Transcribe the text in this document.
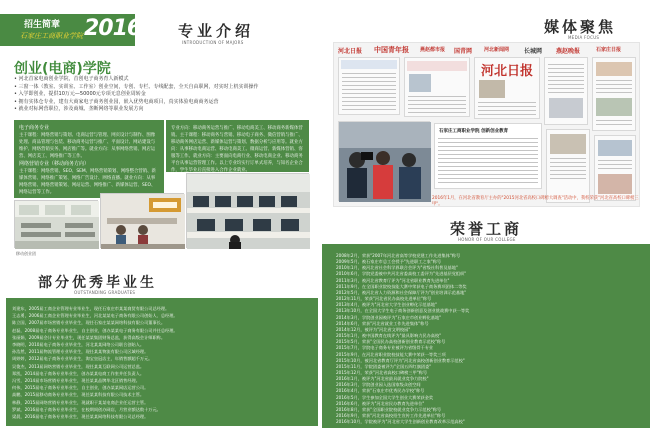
招生简章
石家庄工商职业学院 2016 专业介绍
INTRODUCTION OF MAJORS
创业(电商)学院
• 河北首家电商创业学院，首创电子商务育人新模式
• 三窗一体（教室、实训室、工作室）创业空间，专创、专栏、专线配套，全天自由职网，对实时上机实训操作
• 入学即创业，提供10万元—50000元专项无息创业周转金
• 拥有实体仓专业，建有大商家电子商务创业园，嵌入优势电商项目，真实体验电商商务运营
• 就业对标网营职位，涉及商城、垄断网络等职业发展方向
电子商务专业
主干课程：网络营销与策划、电商运营与管理、网页设计与制作、图像处理、商品管理与包装、移动商务运营与推广、平面设计、网站建设与维护、网络营销实务、网店推广等。就业方向：从事网络营销、网店运营、网店美工、网络推广等工作。
网络营销专业（移动商务方向）
主干课程：网络营销、SEO、SEM、网络营销策划、网络整合营销、新媒体营销、网络推广策划、网络广告设计、网络直播。就业方向：从事网络营销、网络营销策划、网站运营、网络推广、新媒体运营、SEO、网络运营等工作。
专业方向：移动商务运营与推广、移动电商美工、移动商务新媒体营销。主干课程：移动商务与营销、移动电子商务、微信营销与推广、移动商务网店运营、新媒体运营与策划、数据分析与应用等。就业方向：从事移动电商运营、移动电商美工、微商运营、新媒体营销、客服等工作。就业方向：主要面向电商行业、移动电商企业、移动商务平台从事运营管理工作。以上专业均实行订单式培养，与知名企业合作，学生毕业后直接进入合作企业就业。
移动创业团
部分优秀毕业生
OUTSTANDING GRADUATES
刘建东，2005届工商企业管理专业毕业生，现任石家庄市某某商贸有限公司总经理。
王志勇，2006届工商企业管理专业毕业生，河北某某电子商务有限公司创始人、总经理。
陈立国，2007届市场营销专业毕业生，现任石家庄某某网络科技有限公司董事长。
赵磊，2008届电子商务专业毕业生，自主创业，创办某某电子商务有限公司并任总经理。
张丽娟，2009届会计专业毕业生，现任某某集团财务总监，获得高级会计师职称。
李晓明，2010届电子商务专业毕业生，河北某某网络公司联合创始人。
孙浩然，2011届物流管理专业毕业生，现任某某物流有限公司区域经理。
周婷婷，2012届电子商务专业毕业生，淘宝皇冠店主，年销售额超千万元。
吴俊杰，2013届网络营销专业毕业生，现任某某互联网公司运营总监。
郑凯，2014届电子商务专业毕业生，创办某某电商工作室并任负责人。
冯雪，2014届市场营销专业毕业生，现任某某品牌华北区销售经理。
何伟，2015届电子商务专业毕业生，自主创业，创办某某网店运营公司。
高鹏，2015届移动商务专业毕业生，现任某某科技有限公司技术主管。
林静，2015届网络营销专业毕业生，现就职于某某电商企业任运营主管。
罗斌，2016届电子商务专业毕业生，在校期间创办网店，月营业额达数十万元。
梁晨，2016届电子商务专业毕业生，现任某某网络科技有限公司总经理。
媒体聚焦
MEDIA FOCUS
河北日报 中国青年报 燕赵都市报 国青网 河北新闻网 长城网 燕赵晚报	石家庄日报
河北日报
石家庄工商职业学院 创新创业教育
2016年1月，在河北省教育厅主办的"2015河北省高校口碑榜大调查"活动中，我校荣获"河北省高校口碑榜三甲"。
荣誉工商
HONOR OF OUR COLLEGE
2008年2月，荣获"2007年河北省高等学校党建工作先进集体"称号
2009年5月，被石家庄市总工会授予"先进职工之家"称号
2010年1月，被河北省社会科学界联合会评为"省级社科普及基地"
2010年6月，学院党委被中共河北省委高校工委评为"先进基层党组织"
2011年3月，被河北省教育厅评为"河北省职业教育先进单位"
2011年9月，在全国职业院校技能大赛中荣获电子商务赛项团体二等奖
2012年5月，被河北省人力资源和社会保障厅评为"创业培训示范基地"
2012年11月，荣获"河北省民办高校先进单位"称号
2013年4月，被评为"河北省大学生创业孵化示范基地"
2013年10月，在全国大学生电子商务创新创意及创业挑战赛中获一等奖
2014年3月，学院创业园被评为"石家庄市创业孵化基地"
2014年6月，荣获"河北省就业工作先进集体"称号
2014年12月，被评为"河北省文明校园"
2015年1月，被中国教育在线评为"最具影响力民办高校"
2015年5月，荣获"全国民办高校创新创业教育示范校"称号
2015年7月，学院电子商务专业被评为省级骨干专业
2015年9月，在河北省职业院校技能大赛中荣获一等奖三项
2015年10月，被河北省教育厅评为"河北省高校创新创业教育示范校"
2015年11月，学院团委被评为"全国五四红旗团委"
2015年12月，荣获"河北省高校口碑榜三甲"称号
2016年1月，被评为"河北省最具就业竞争力院校"
2016年3月，学院创业园入选国家级众创空间
2016年4月，荣获"石家庄市优秀民办学校"称号
2016年5月，学生参加全国大学生创业大赛荣获金奖
2016年6月，被评为"河北省民办教育先进单位"
2016年8月，荣获"全国职业院校就业竞争力示范校"称号
2016年9月，荣获"河北省高校招生宣传工作先进单位"称号
2016年10月，学院被评为"河北省大学生创新创业教育改革示范高校"
